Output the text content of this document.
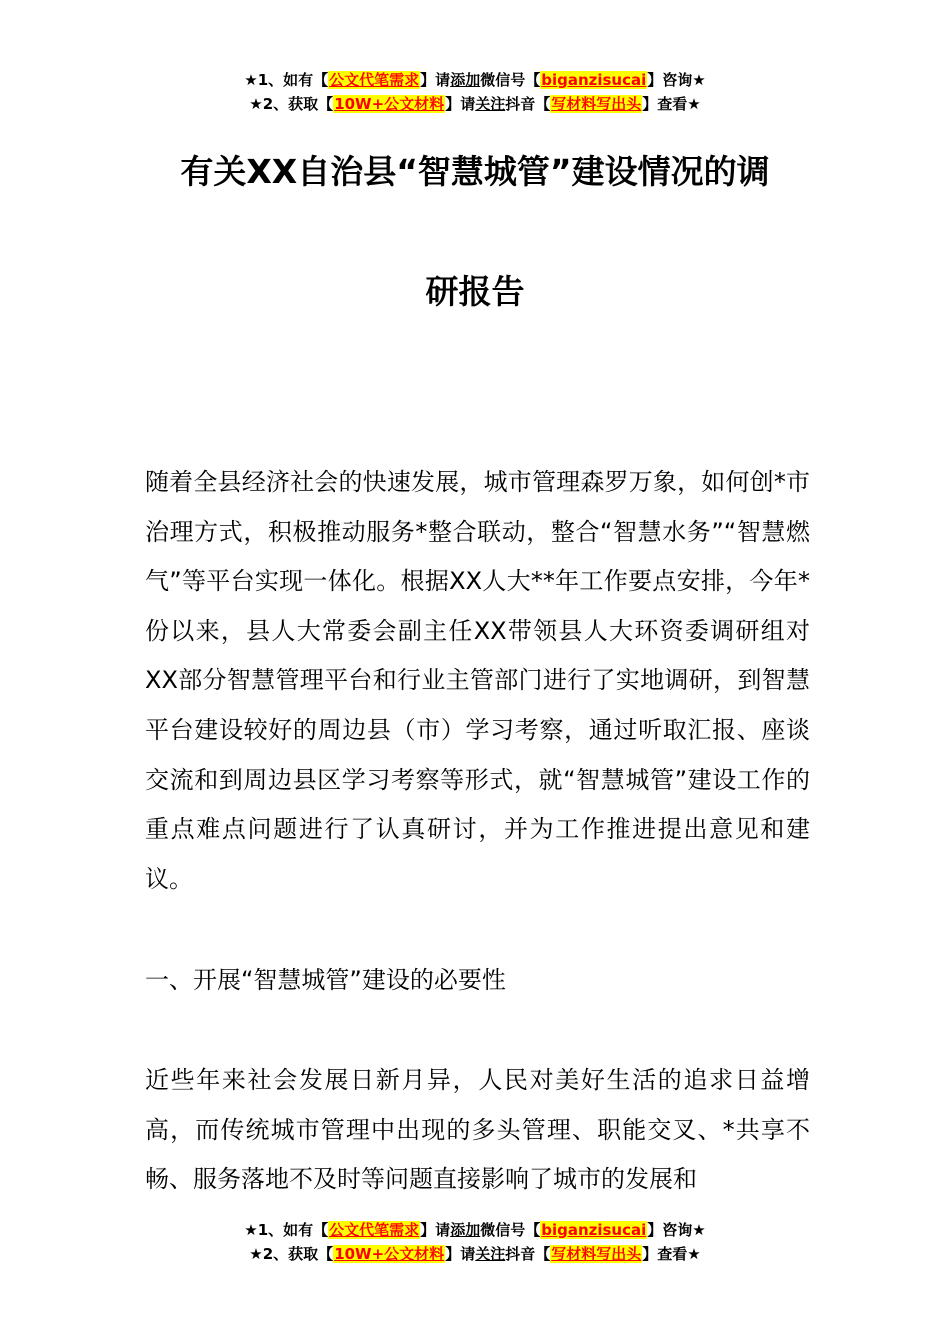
★1、如有【公文代笔需求】请添加微信号【biganzisucai】咨询★
★2、获取【10W+公文材料】请关注抖音【写材料写出头】查看★
有关XX自治县“智慧城管”建设情况的调
研报告

随着全县经济社会的快速发展，城市管理森罗万象，如何创*市治理方式，积极推动服务*整合联动，整合“智慧水务”“智慧燃气”等平台实现一体化。根据XX人大**年工作要点安排，今年*份以来，县人大常委会副主任XX带领县人大环资委调研组对XX部分智慧管理平台和行业主管部门进行了实地调研，到智慧平台建设较好的周边县（市）学习考察，通过听取汇报、座谈交流和到周边县区学习考察等形式，就“智慧城管”建设工作的重点难点问题进行了认真研讨，并为工作推进提出意见和建议。

一、开展“智慧城管”建设的必要性

近些年来社会发展日新月异，人民对美好生活的追求日益增高，而传统城市管理中出现的多头管理、职能交叉、*共享不畅、服务落地不及时等问题直接影响了城市的发展和

★1、如有【公文代笔需求】请添加微信号【biganzisucai】咨询★
★2、获取【10W+公文材料】请关注抖音【写材料写出头】查看★
